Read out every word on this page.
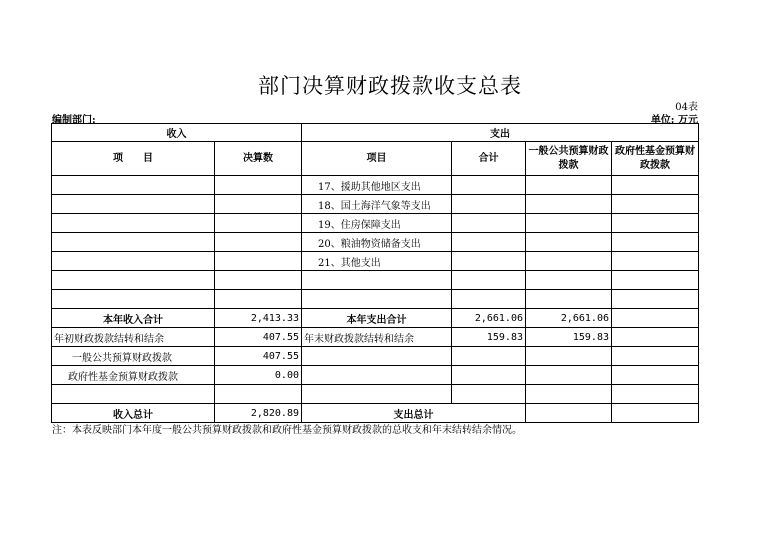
部门决算财政拨款收支总表
04表
编制部门:	单位: 万元
收入		支出			
项　　目	决算数	项目	合计	一般公共预算财政拨款	政府性基金预算财政拨款
		17、援助其他地区支出			
		18、国土海洋气象等支出			
		19、住房保障支出			
		20、粮油物资储备支出			
		21、其他支出			

本年收入合计	2,413.33	本年支出合计	2,661.06	2,661.06	
年初财政拨款结转和结余	407.55	年末财政拨款结转和结余	159.83	159.83	
一般公共预算财政拨款	407.55				
政府性基金预算财政拨款	0.00				

收入总计	2,820.89	支出总计			
注：本表反映部门本年度一般公共预算财政拨款和政府性基金预算财政拨款的总收支和年末结转结余情况。
